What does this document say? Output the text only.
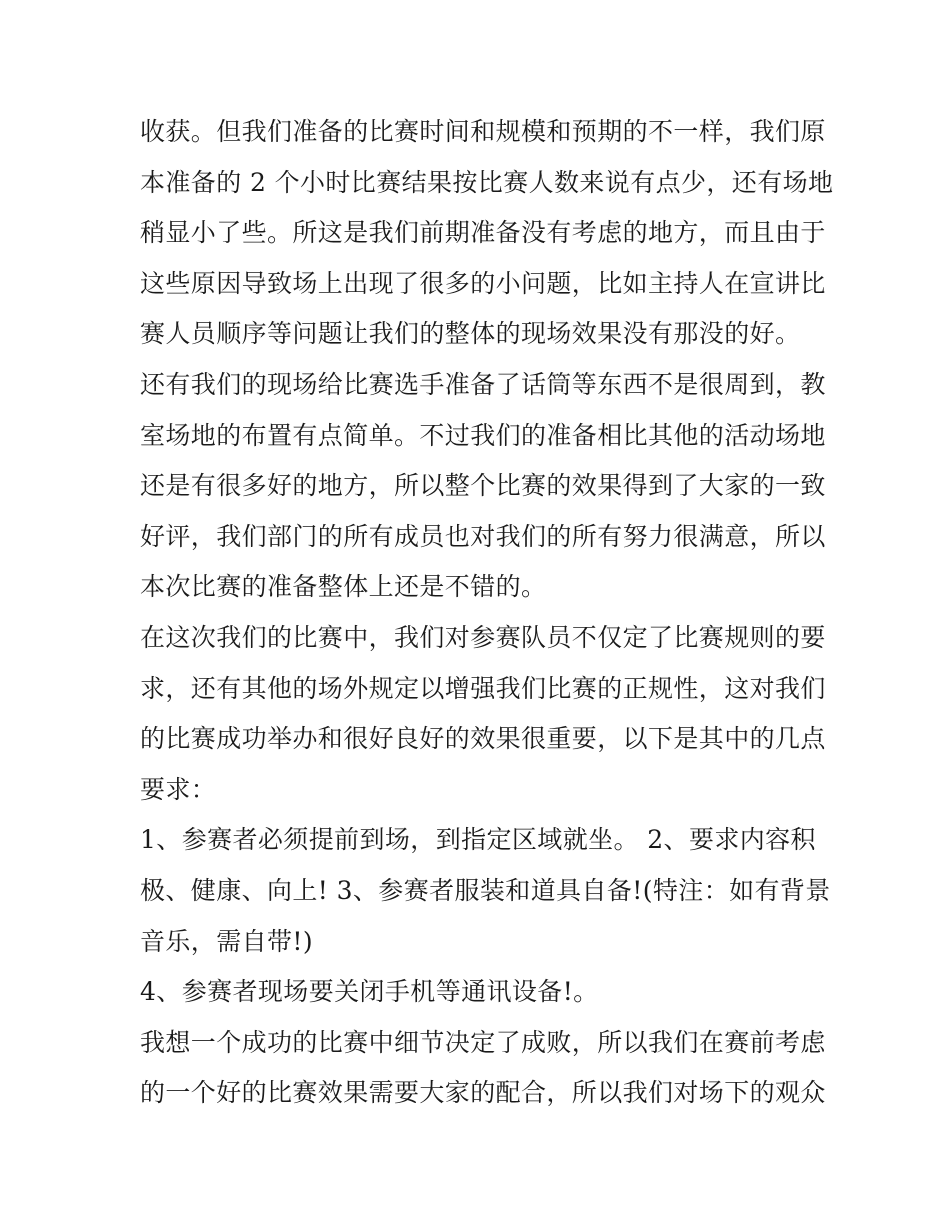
收获。但我们准备的比赛时间和规模和预期的不一样，我们原
本准备的 2 个小时比赛结果按比赛人数来说有点少，还有场地
稍显小了些。所这是我们前期准备没有考虑的地方，而且由于
这些原因导致场上出现了很多的小问题，比如主持人在宣讲比
赛人员顺序等问题让我们的整体的现场效果没有那没的好。
还有我们的现场给比赛选手准备了话筒等东西不是很周到，教
室场地的布置有点简单。不过我们的准备相比其他的活动场地
还是有很多好的地方，所以整个比赛的效果得到了大家的一致
好评，我们部门的所有成员也对我们的所有努力很满意，所以
本次比赛的准备整体上还是不错的。
在这次我们的比赛中，我们对参赛队员不仅定了比赛规则的要
求，还有其他的场外规定以增强我们比赛的正规性，这对我们
的比赛成功举办和很好良好的效果很重要，以下是其中的几点
要求：
1、参赛者必须提前到场，到指定区域就坐。 2、要求内容积
极、健康、向上! 3、参赛者服装和道具自备!(特注：如有背景
音乐，需自带!)
4、参赛者现场要关闭手机等通讯设备!。
我想一个成功的比赛中细节决定了成败，所以我们在赛前考虑
的一个好的比赛效果需要大家的配合，所以我们对场下的观众
